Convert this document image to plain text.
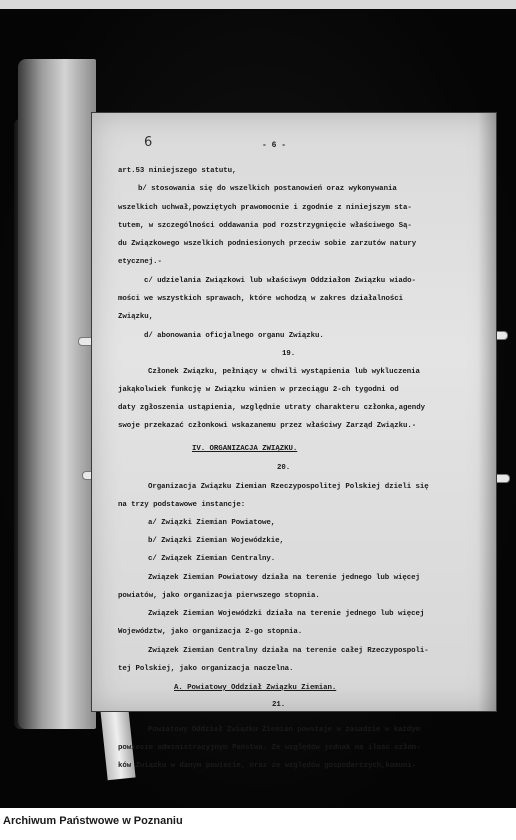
6	- 6 -
art.53 niniejszego statutu,
b/ stosowania się do wszelkich postanowień oraz wykonywania
wszelkich uchwał,powziętych prawomocnie i zgodnie z niniejszym sta-
tutem, w szczególności oddawania pod rozstrzygnięcie właściwego Są-
du Związkowego wszelkich podniesionych przeciw sobie zarzutów natury
etycznej.-
c/ udzielania Związkowi lub właściwym Oddziałom Związku wiado-
mości we wszystkich sprawach, które wchodzą w zakres działalności
Związku,
d/ abonowania oficjalnego organu Związku.
19.
Członek Związku, pełniący w chwili wystąpienia lub wykluczenia
jakąkolwiek funkcję w Związku winien w przeciągu 2-ch tygodni od
daty zgłoszenia ustąpienia, względnie utraty charakteru członka,agendy
swoje przekazać członkowi wskazanemu przez właściwy Zarząd Związku.-
IV. ORGANIZACJA ZWIĄZKU.
20.
Organizacja Związku Ziemian Rzeczypospolitej Polskiej dzieli się
na trzy podstawowe instancje:
a/ Związki Ziemian Powiatowe,
b/ Związki Ziemian Wojewódzkie,
c/ Związek Ziemian Centralny.
Związek Ziemian Powiatowy działa na terenie jednego lub więcej
powiatów, jako organizacja pierwszego stopnia.
Związek Ziemian Wojewódzki działa na terenie jednego lub więcej
Województw, jako organizacja 2-go stopnia.
Związek Ziemian Centralny działa na terenie całej Rzeczypospoli-
tej Polskiej, jako organizacja naczelna.
A. Powiatowy Oddział Związku Ziemian.
21.
Powiatowy Oddział Związku Ziemian powstaje w zasadzie w każdym
powiecie administracyjnym Państwa. Ze względów jednak na ilość człon-
ków Związku w danym powiecie, oraz ze względów gospodarczych,komuni-
Archiwum Państwowe w Poznaniu
